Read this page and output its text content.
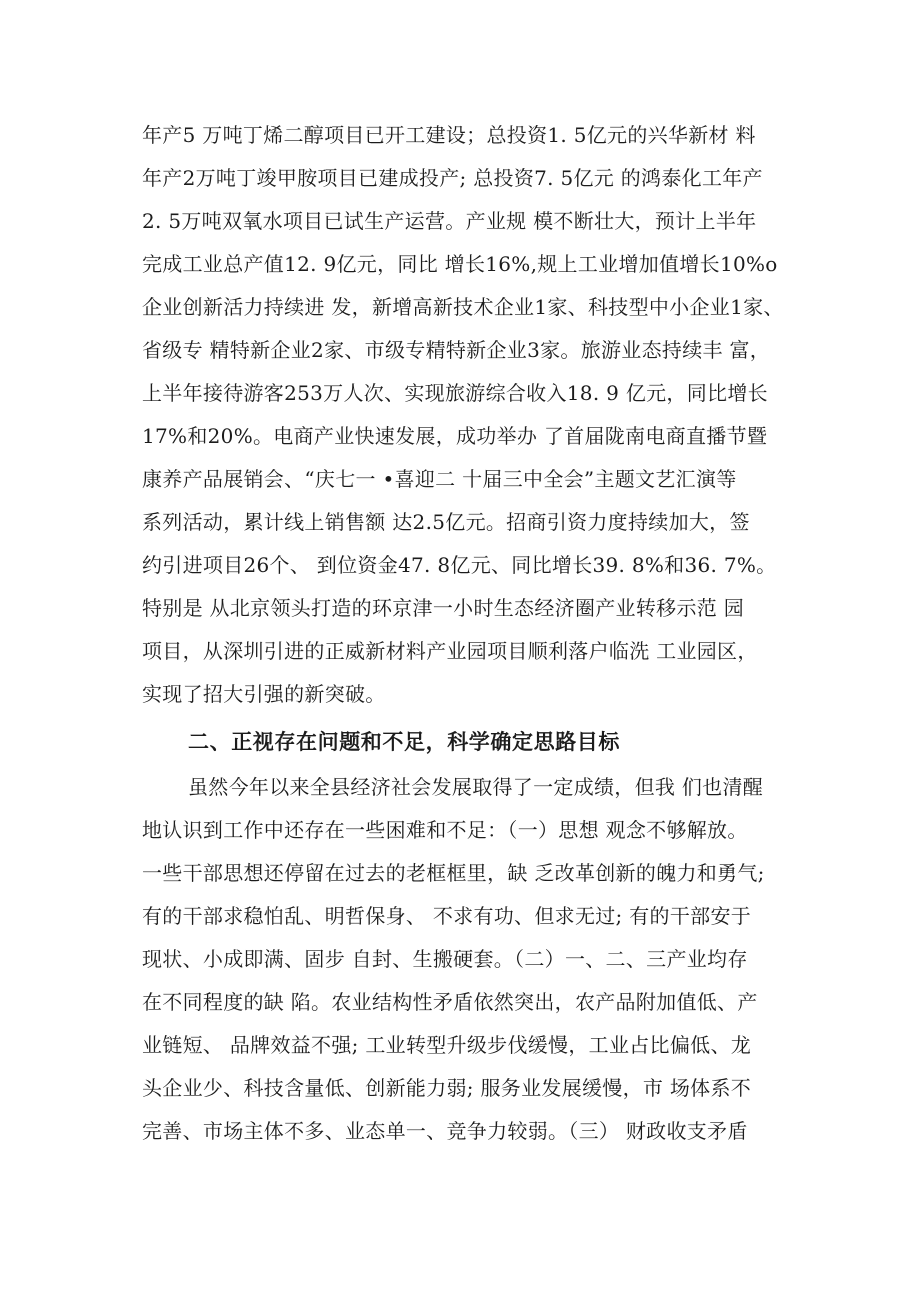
年产5 万吨丁烯二醇项目已开工建设；总投资1. 5亿元的兴华新材 料
年产2万吨丁竣甲胺项目已建成投产; 总投资7. 5亿元 的鸿泰化工年产
2. 5万吨双氧水项目已试生产运营。产业规 模不断壮大，预计上半年
完成工业总产值12. 9亿元，同比 增长16%,规上工业增加值增长10%o
企业创新活力持续进 发，新增高新技术企业1家、科技型中小企业1家、
省级专 精特新企业2家、市级专精特新企业3家。旅游业态持续丰 富，
上半年接待游客253万人次、实现旅游综合收入18. 9 亿元，同比增长
17%和20%。电商产业快速发展，成功举办 了首届陇南电商直播节暨
康养产品展销会、“庆七一 •喜迎二 十届三中全会”主题文艺汇演等
系列活动，累计线上销售额 达2.5亿元。招商引资力度持续加大，签
约引进项目26个、 到位资金47. 8亿元、同比增长39. 8%和36. 7%。
特别是 从北京领头打造的环京津一小时生态经济圈产业转移示范 园
项目，从深圳引进的正威新材料产业园项目顺利落户临洗 工业园区，
实现了招大引强的新突破。
二、正视存在问题和不足，科学确定思路目标
虽然今年以来全县经济社会发展取得了一定成绩，但我 们也清醒
地认识到工作中还存在一些困难和不足：（一）思想 观念不够解放。
一些干部思想还停留在过去的老框框里，缺 乏改革创新的魄力和勇气;
有的干部求稳怕乱、明哲保身、 不求有功、但求无过; 有的干部安于
现状、小成即满、固步 自封、生搬硬套。（二）一、二、三产业均存
在不同程度的缺 陷。农业结构性矛盾依然突出，农产品附加值低、产
业链短、 品牌效益不强; 工业转型升级步伐缓慢，工业占比偏低、龙
头企业少、科技含量低、创新能力弱; 服务业发展缓慢，市 场体系不
完善、市场主体不多、业态单一、竞争力较弱。（三） 财政收支矛盾
